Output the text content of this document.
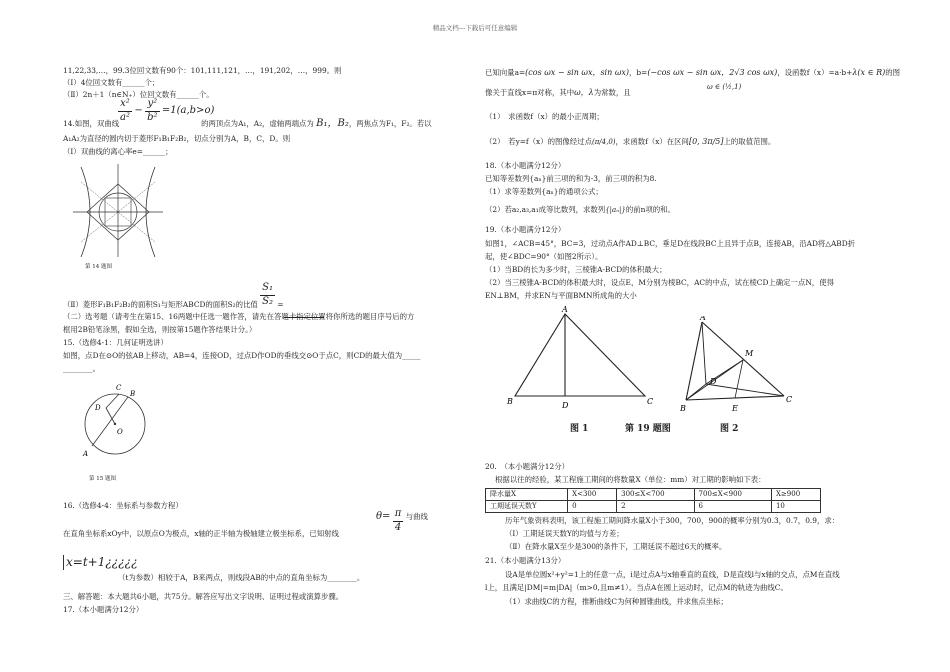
精品文档---下载后可任意编辑
11,22,33,…，99.3位回文数有90个：101,111,121，…，191,202，…，999。则
（Ⅰ）4位回文数有______个；
（Ⅱ）2n＋1（n∈N₊）位回文数有______个。
$\frac{\text{x²}}{\text{a²}} - \frac{\text{y²}}{\text{b²}} =1(a,b>o)$
14.如图，双曲线	的两顶点为A₁，A₂，虚轴两端点为 B₁，B₂，两焦点为F₁，F₂。若以
A₁A₂为直径的圆内切于菱形F₁B₁F₂B₂，切点分别为A，B，C，D。则
（Ⅰ）双曲线的离心率e=______；
第 14 题图
（Ⅱ）菱形F₁B₁F₂B₂的面积S₁与矩形ABCD的面积S₂的比值 $\frac{\text{S₁}}{\text{S₂}}$ =
（二）选考题（请考生在第15、16两题中任选一题作答，请先在答题卡指定位置将你所选的题目序号后的方
框用2B铅笔涂黑，假如全选，则按第15题作答结果计分。）
15.（选修4-1：几何证明选讲）
如图，点D在⊙O的弦AB上移动，AB=4，连接OD，过点D作OD的垂线交⊙O于点C，则CD的最大值为_____
________。
D
C
B
O
A
第 15 题图
16.（选修4-4：坐标系与参数方程）
$\theta= \frac{\pi}{4}$ 与曲线
在直角坐标系xOy中，以原点O为极点，x轴的正半轴为极轴建立极坐标系，已知射线
x=t+1¿¿¿¿¿
（t为参数）相较于A，B来两点，则线段AB的中点的直角坐标为________。
三、解答题：本大题共6小题，共75分。解答应写出文字说明、证明过程或演算步骤。
17.（本小题满分12分）
已知向量a=(cos ωx − sin ωx，sin ωx)，b=(−cos ωx − sin ωx，2√3 cos ωx)，设函数f（x）=a·b+λ(x ∈ R)的图
像关于直线x=π对称，其中ω，λ为常数，且
ω ∈ (½,1)
（1）　求函数f（x）的最小正周期；
（2）　若y=f（x）的图像经过点(π/4,0)，求函数f（x）在区间[0, 3π/5]上的取值范围。
18.（本小题满分12分）
已知等差数列{aₙ}前三项的和为-3，前三项的积为8.
（1）求等差数列{aₙ}的通项公式；
（2）若a₂,a₃,a₁成等比数列，求数列{|aₙ|}的前n项的和。
19.（本小题满分12分）
如图1，∠ACB=45°，BC=3，过动点A作AD⊥BC，垂足D在线段BC上且异于点B，连接AB，沿AD将△ABD折
起，使∠BDC=90°（如图2所示）。
（1）当BD的长为多少时，三棱锥A-BCD的体积最大；
（2）当三棱锥A-BCD的体积最大时，设点E，M分别为棱BC，AC的中点，试在棱CD上确定一点N，使得
EN⊥BM，并求EN与平面BMN所成角的大小
A
B	D	C
A
M
D
B	E
C
图 1	第 19 题图	图 2
20.　（本小题满分12分）
根据以往的经验，某工程施工期间的将数量X（单位：mm）对工期的影响如下表：
降水量X	X<300	300≤X<700	700≤X<900	X≥900
工期延误天数Y	0	2	6	10
历年气象资料表明，该工程施工期间降水量X小于300，700，900的概率分别为0.3，0.7，0.9，求：
（Ⅰ）工期延误天数Y的均值与方差；
（Ⅱ）在降水量X至少是300的条件下，工期延误不超过6天的概率。
21.（本小题满分13分）
设A是单位圆x²+y²=1上的任意一点，i是过点A与x轴垂直的直线，D是直线l与x轴的交点，点M在直线
l上，且满足|DM|=m|DA|（m>0,且m≠1）。当点A在圆上运动时，记点M的轨迹为曲线C。
（1）求曲线C的方程，推断曲线C为何种圆锥曲线，并求焦点坐标；
